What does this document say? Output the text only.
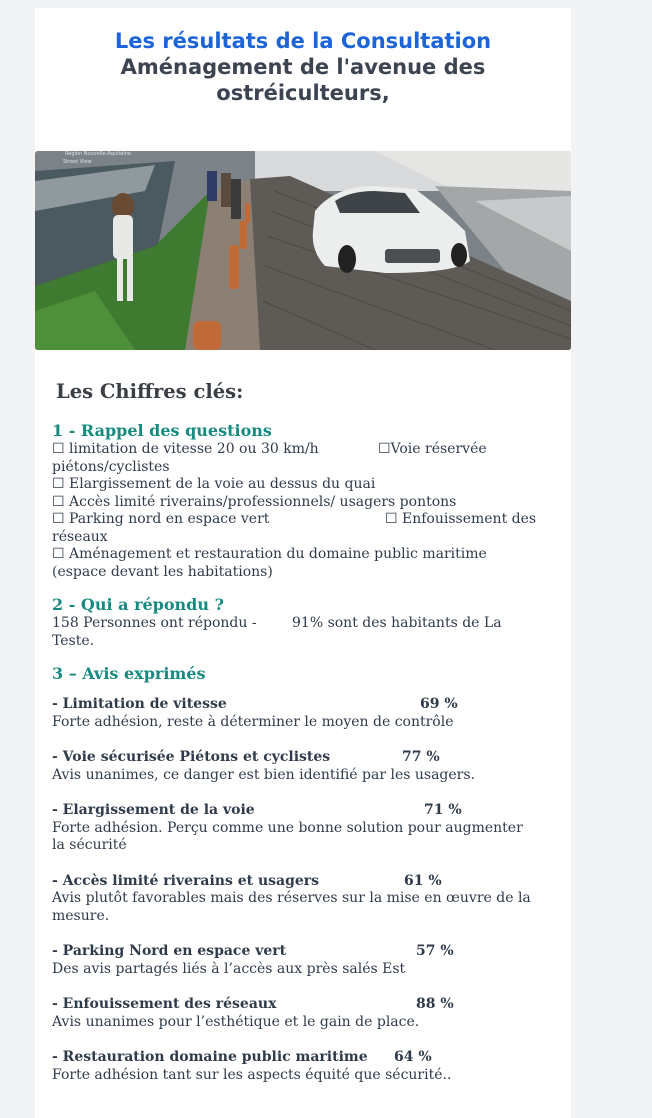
Les résultats de la Consultation
Aménagement de l'avenue des
ostréiculteurs,
Région Nouvelle-Aquitaine
Street View
Les Chiffres clés:
1 - Rappel des questions
☐ limitation de vitesse 20 ou 30 km/h	☐Voie réservée
piétons/cyclistes
☐ Elargissement de la voie au dessus du quai
☐ Accès limité riverains/professionnels/ usagers pontons
☐ Parking nord en espace vert	☐ Enfouissement des
réseaux
☐ Aménagement et restauration du domaine public maritime
(espace devant les habitations)
2 - Qui a répondu ?
158 Personnes ont répondu -	91% sont des habitants de La
Teste.
3 – Avis exprimés
- Limitation de vitesse	69 %
Forte adhésion, reste à déterminer le moyen de contrôle
- Voie sécurisée Piétons et cyclistes	77 %
Avis unanimes, ce danger est bien identifié par les usagers.
- Elargissement de la voie	71 %
Forte adhésion. Perçu comme une bonne solution pour augmenter
la sécurité
- Accès limité riverains et usagers	61 %
Avis plutôt favorables mais des réserves sur la mise en œuvre de la
mesure.
- Parking Nord en espace vert	57 %
Des avis partagés liés à l’accès aux près salés Est
- Enfouissement des réseaux	88 %
Avis unanimes pour l’esthétique et le gain de place.
- Restauration domaine public maritime	64 %
Forte adhésion tant sur les aspects équité que sécurité..
